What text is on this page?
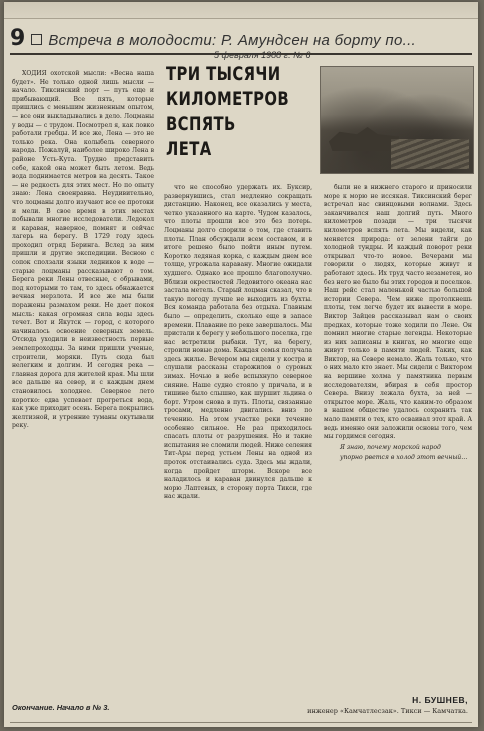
9 Встреча в молодости: Р. Амундсен на борту по...
5 февраля 1988 г. № 6
ТРИ ТЫСЯЧИ
КИЛОМЕТРОВ
ВСПЯТЬ ЛЕТА

ХОДИЯ охотской мысли: «Весна наша будет». Не только одной лишь мысли — начало. Тиксинский порт — путь еще и прибывающий. Все пять, которые пришлись с меньшим жизненным опытом, — все они выкладывались в дело. Лоцманы у воды — с трудом. Посмотрел я, как ловко работали гребцы. И все же, Лена — это не только река. Она колыбель северного народа. Пожалуй, наиболее широко Лена в районе Усть-Кута. Трудно представить себе, какой она может быть летом. Ведь вода поднимается метров на десять. Такое — не редкость для этих мест. Но по опыту знаю: Лена своенравна. Неудивительно, что лоцманы долго изучают все ее протоки и мели. В свое время в этих местах побывали многие исследователи. Ледокол и караван, наверное, помнят и сейчас лагерь на берегу. В 1729 году здесь проходил отряд Беринга. Вслед за ним пришли и другие экспедиции. Весною с сопок сползали языки ледников к воде — старые лоцманы рассказывают о том. Берега реки Лены отвесные, с обрывами, под которыми то там, то здесь обнажается вечная мерзлота. И все же мы были поражены размахом реки. Не дает покоя мысль: какая огромная сила воды здесь течет. Вот и Якутск — город, с которого начиналось освоение северных земель. Отсюда уходили в неизвестность первые землепроходцы. За ними пришли ученые, строители, моряки. Путь сюда был нелегким и долгим. И сегодня река — главная дорога для жителей края. Мы шли все дальше на север, и с каждым днем становилось холоднее. Северное лето коротко: едва успевает прогреться вода, как уже приходит осень. Берега покрылись желтизной, и утренние туманы окутывали реку.

что не способно удержать их. Буксир, развернувшись, стал медленно сокращать дистанцию. Наконец, все оказались у места, четко указанного на карте. Чудом казалось, что плоты прошли все это без потерь. Лоцманы долго спорили о том, где ставить плоты. План обсуждали всем составом, и в итоге решено было пойти иным путем. Коротко ледяная корка, с каждым днем все толще, угрожала каравану. Многие ожидали худшего. Однако все прошло благополучно. Вблизи окрестностей Ледовитого океана нас застала метель. Старый лоцман сказал, что в такую погоду лучше не выходить из бухты. Вся команда работала без отдыха. Главным было — определить, сколько еще в запасе времени. Плавание по реке завершалось. Мы пристали к берегу у небольшого поселка, где нас встретили рыбаки. Тут, на берегу, строили новые дома. Каждая семья получала здесь жилье. Вечером мы сидели у костра и слушали рассказы старожилов о суровых зимах. Ночью в небе вспыхнуло северное сияние. Наше судно стояло у причала, и в тишине было слышно, как шуршит льдина о борт. Утром снова в путь. Плоты, связанные тросами, медленно двигались вниз по течению. На этом участке реки течение особенно сильное. Не раз приходилось спасать плоты от разрушения. Но и такие испытания не сломили людей. Ниже селения Тит-Ары перед устьем Лены на одной из проток отстаивались суда. Здесь мы ждали, когда пройдет шторм. Вскоре все наладилось и караван двинулся дальше к морю Лаптевых, в сторону порта Тикси, где нас ждали.

были не в нижнего старого и приносили море к морю не иссякая. Тиксинский берег встречал нас свинцовыми волнами. Здесь заканчивался наш долгий путь. Много километров позади — три тысячи километров вспять лета. Мы видели, как меняется природа: от зелени тайги до холодной тундры. И каждый поворот реки открывал что-то новое. Вечерами мы говорили о людях, которые живут и работают здесь. Их труд часто незаметен, но без него не было бы этих городов и поселков. Наш рейс стал маленькой частью большой истории Севера. Чем ниже протолкнешь плоты, тем легче будет их вывести в море. Виктор Зайцев рассказывал нам о своих предках, которые тоже ходили по Лене. Он помнил многие старые легенды. Некоторые из них записаны в книгах, но многие еще живут только в памяти людей. Таких, как Виктор, на Севере немало. Жаль только, что о них мало кто знает. Мы сидели с Виктором на вершине холма у памятника первым исследователям, вбирая в себя простор Севера. Внизу лежала бухта, за ней — открытое море. Жаль, что каким-то образом в нашем обществе удалось сохранить так мало памяти о тех, кто осваивал этот край. А ведь именно они заложили основы того, чем мы гордимся сегодня.

Я знаю, почему морской народ

упорно рвется в холод этот вечный…

Окончание. Начало в № 3.
Н. БУШНЕВ,
инженер «Камчатлесзак». Тикси — Камчатка.
